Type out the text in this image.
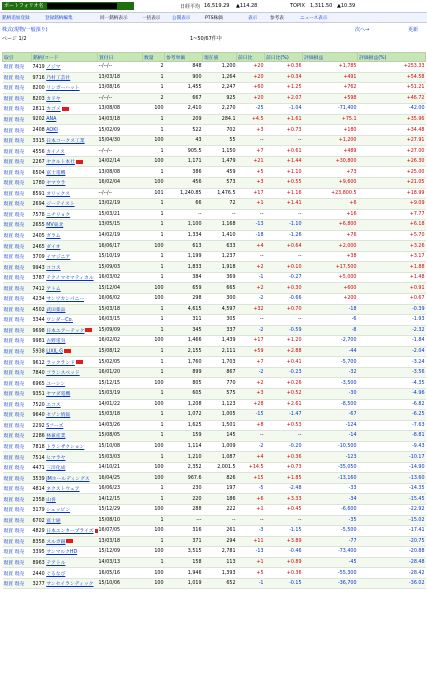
ポートフォリオ名	日経平均 16,519.29 ▲114.28	TOPIX 1,311.50 ▲10.39
銘柄追加登録	登録銘柄編集	同一銘柄表示	一括表示	公開表示	PTS株価	表示	参考表	ニュース表示
株式(現物/一般預り)	次へ→	更新
ページ 1/2	1~50/67件中
取引	銘柄/コード	買付日	数量	参考単価	現在値	前日比	前日比(%)	評価損益	評価損益(%)
現買 現売	7419 ノジマ	--/--/--	2	848	1,200	+20	+0.36	+1,785	+253.33
現買 現売	9716 乃村工芸社	13/03/18	1	900	1,264	+20	+0.34	+491	+54.58
現買 現売	8200 リンガーハット	13/08/16	1	1,455	2,247	+60	+1.25	+762	+51.21
現買 現売	8203 カドヤ	--/--/--	2	667	925	+20	+2.07	+598	+46.72
現買 現売	2811 カゴメ	13/08/08	100	2,410	2,270	-25	-1.04	-71,400	-42.00
現買 現売	9202 ANA	14/03/18	1	209	284.1	+4.5	+1.61	+75.1	+35.96
現買 現売	2408 AOKI	15/02/09	1	522	702	+3	+0.73	+180	+34.48
現買 現売	3315 日本コークス工業	15/04/30	100	43	55	--	--	+1,200	+27.91
現買 現売	4556 カイノス	--/--/--	1	905.5	1,150	+7	+0.61	+489	+27.00
現買 現売	2267 ヤクルト本社	14/02/14	100	1,171	1,479	+21	+1.44	+30,800	+26.30
現買 現売	6504 富士電機	13/08/08	1	386	459	+5	+1.10	+73	+25.00
現買 現売	1780 ヤマウラ	16/02/04	100	456	573	+3	+0.55	+9,600	+21.05
現買 現売	8591 オリックス	--/--/--	101	1,240.85	1,476.5	+17	+1.16	+23,800.5	+18.99
現買 現売	2694 ジーテイスト	13/02/19	1	66	72	+1	+1.41	+6	+9.09
現買 現売	7578 ニチリョク	15/03/21	1	--	--	--	--	+16	+7.77
現買 現売	2655 MV東北	13/05/15	1	1,100	1,168	-13	-1.10	+6,800	+6.18
現買 現売	2405 ガラム	14/02/19	1	1,334	1,410	-18	-1.26	+76	+5.70
現買 現売	2465 ダイオ	16/06/17	100	613	633	+4	+0.64	+2,000	+3.26
現買 現売	3709 イマジニア	15/10/19	1	1,199	1,237	--	--	+38	+3.17
現買 現売	9943 ココス	15/09/03	1	1,833	1,918	+2	+0.10	+17,500	+1.88
現買 現売	3787 テクノマセマティカル	16/03/02	1	384	369	-1	-0.27	+5,000	+1.48
現買 現売	7412 アトム	15/12/04	100	659	665	+2	+0.30	+600	+0.91
現買 現売	4234 サンワカンパニー	16/06/02	100	298	300	-2	-0.66	+200	+0.67
現買 現売	4502 武田薬品	15/03/18	1	4,615	4,597	+32	+0.70	-18	-0.39
現買 現売	3344 ワンダーCo.	16/03/15	1	311	305	--	--	-6	-1.93
現買 現売	9698 日本エアーテック	15/09/09	1	345	337	-2	-0.59	-8	-2.32
現買 現売	9981 古野電気	16/02/02	100	1,466	1,439	+17	+1.20	-2,700	-1.84
現買 現売	5938 LIXIL G	15/08/12	1	2,155	2,111	+59	+2.88	-44	-2.04
現買 現売	9612 ラックランド	15/02/05	1	1,760	1,703	+7	+0.41	-5,700	-3.24
現買 現売	7840 フランスベッド	16/01/20	1	899	867	-2	-0.23	-32	-3.56
現買 現売	6965 ユーシン	15/12/15	100	805	770	+2	+0.26	-3,500	-4.35
現買 現売	9351 ヤマダ電機	15/03/19	1	605	575	+3	+0.52	-30	-4.96
現買 現売	7520 エコス	14/01/22	100	1,208	1,123	+28	+2.61	-8,500	-6.82
現買 現売	9640 セゾン情報	15/03/18	1	1,072	1,005	-15	-1.47	-67	-6.25
現買 現売	2292 Sフーズ	14/03/26	1	1,625	1,501	+8	+0.53	-124	-7.63
現買 現売	2286 林兼産業	15/08/05	1	159	145	--	--	-14	-8.81
現買 現売	7818 トランザクション	15/10/08	100	1,114	1,009	-2	-0.20	-10,500	-9.43
現買 現売	7514 ヒマラヤ	15/03/03	1	1,210	1,087	+4	+0.36	-123	-10.17
現買 現売	4471 三洋化成	14/10/21	100	2,352	2,001.5	+14.5	+0.73	-35,050	-14.90
現買 現売	3539 JMホールディングス	16/04/25	100	967.6	826	+15	+1.85	-13,160	-13.60
現買 現売	4814 ネクストウェア	16/06/23	1	230	197	-5	-2.48	-33	-14.35
現買 現売	2358 山喜	14/12/15	1	220	186	+6	+3.33	-34	-15.45
現買 現売	3179 シュッピン	15/12/29	100	288	222	+1	+0.45	-6,600	-22.92
現買 現売	6702 富士通	15/08/10	1	---	--	--	--	-35	-15.02
現買 現売	4829 日本エンタープライズ	16/07/05	100	316	261	-3	-1.15	-5,500	-17.41
現買 現売	8358 スルガ銀	13/03/18	1	371	294	+11	+3.89	-77	-20.75
現買 現売	3395 サンマルクHD	15/12/09	100	3,515	2,781	-13	-0.46	-73,400	-20.88
現買 現売	8963 テアトル	14/03/13	1	158	113	+1	+0.89	-45	-28.48
現買 現売	2440 ぐるなび	16/05/16	100	1,946	1,393	+5	+0.36	-55,300	-28.42
現買 現売	3277 サンセイランディック	15/10/06	100	1,019	652	-1	-0.15	-36,700	-36.02
